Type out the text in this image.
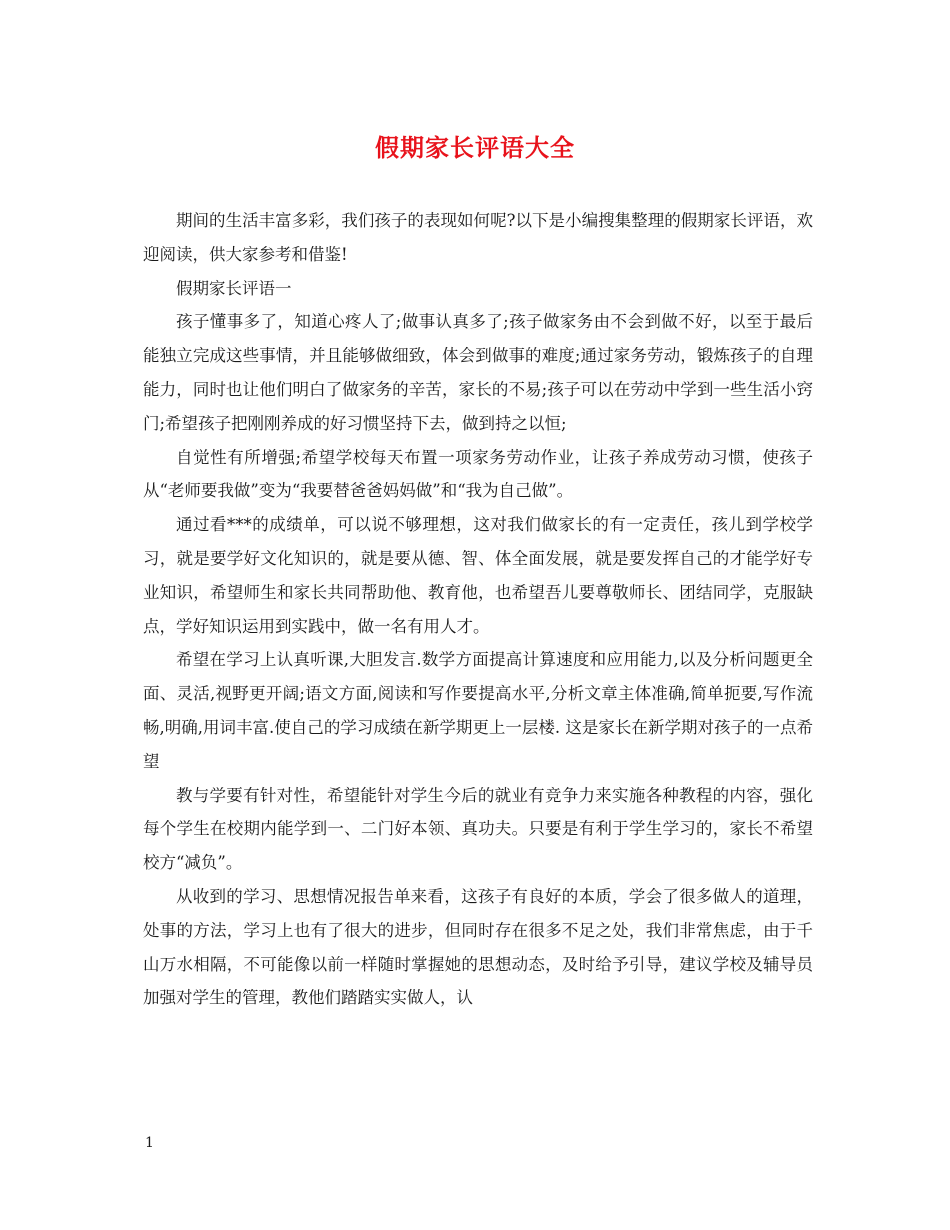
假期家长评语大全

期间的生活丰富多彩，我们孩子的表现如何呢?以下是小编搜集整理的假期家长评语，欢迎阅读，供大家参考和借鉴!

假期家长评语一

孩子懂事多了，知道心疼人了;做事认真多了;孩子做家务由不会到做不好，以至于最后能独立完成这些事情，并且能够做细致，体会到做事的难度;通过家务劳动，锻炼孩子的自理能力，同时也让他们明白了做家务的辛苦，家长的不易;孩子可以在劳动中学到一些生活小窍门;希望孩子把刚刚养成的好习惯坚持下去，做到持之以恒;

自觉性有所增强;希望学校每天布置一项家务劳动作业，让孩子养成劳动习惯，使孩子从“老师要我做”变为“我要替爸爸妈妈做”和“我为自己做”。

通过看***的成绩单，可以说不够理想，这对我们做家长的有一定责任，孩儿到学校学习，就是要学好文化知识的，就是要从德、智、体全面发展，就是要发挥自己的才能学好专业知识，希望师生和家长共同帮助他、教育他，也希望吾儿要尊敬师长、团结同学，克服缺点，学好知识运用到实践中，做一名有用人才。

希望在学习上认真听课,大胆发言.数学方面提高计算速度和应用能力,以及分析问题更全面、灵活,视野更开阔;语文方面,阅读和写作要提高水平,分析文章主体准确,简单扼要,写作流畅,明确,用词丰富.使自己的学习成绩在新学期更上一层楼. 这是家长在新学期对孩子的一点希望

教与学要有针对性，希望能针对学生今后的就业有竞争力来实施各种教程的内容，强化每个学生在校期内能学到一、二门好本领、真功夫。只要是有利于学生学习的，家长不希望校方“减负”。

从收到的学习、思想情况报告单来看，这孩子有良好的本质，学会了很多做人的道理，处事的方法，学习上也有了很大的进步，但同时存在很多不足之处，我们非常焦虑，由于千山万水相隔，不可能像以前一样随时掌握她的思想动态，及时给予引导，建议学校及辅导员加强对学生的管理，教他们踏踏实实做人，认

1
